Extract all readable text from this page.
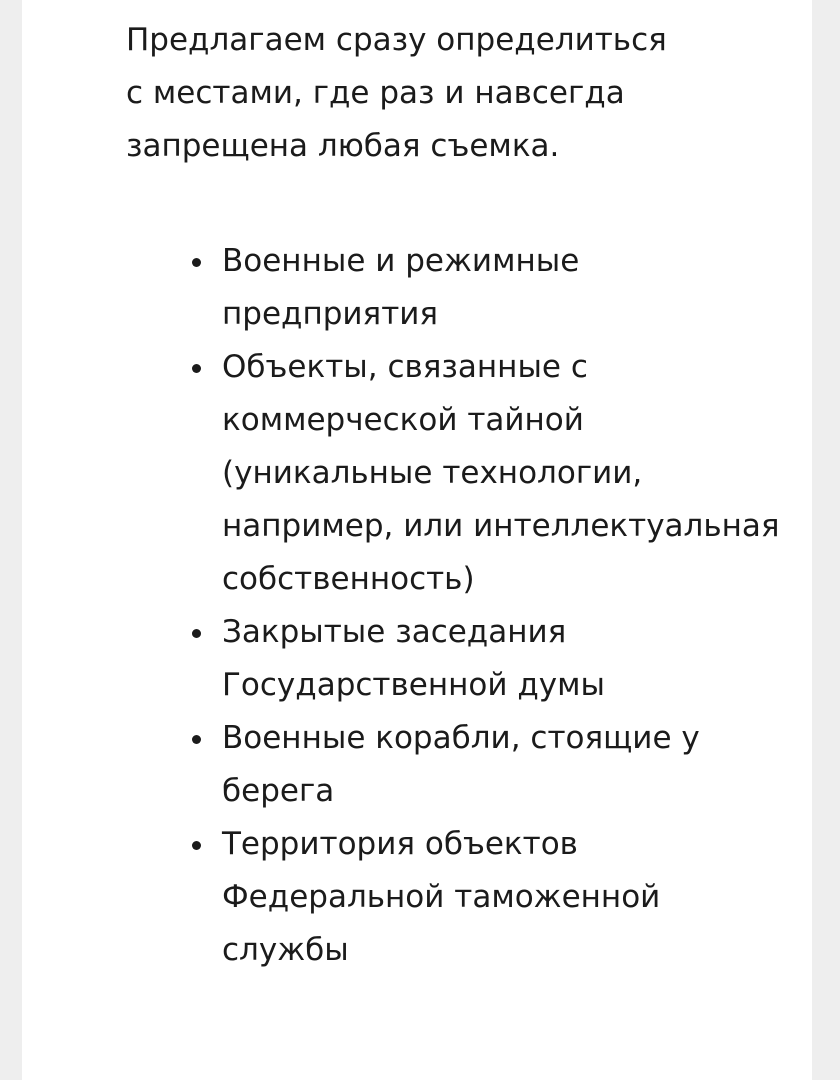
Предлагаем сразу определиться с местами, где раз и навсегда запрещена любая съемка.

Военные и режимные предприятия
Объекты, связанные с коммерческой тайной (уникальные технологии, например, или интеллектуальная собственность)
Закрытые заседания Государственной думы
Военные корабли, стоящие у берега
Территория объектов Федеральной таможенной службы
